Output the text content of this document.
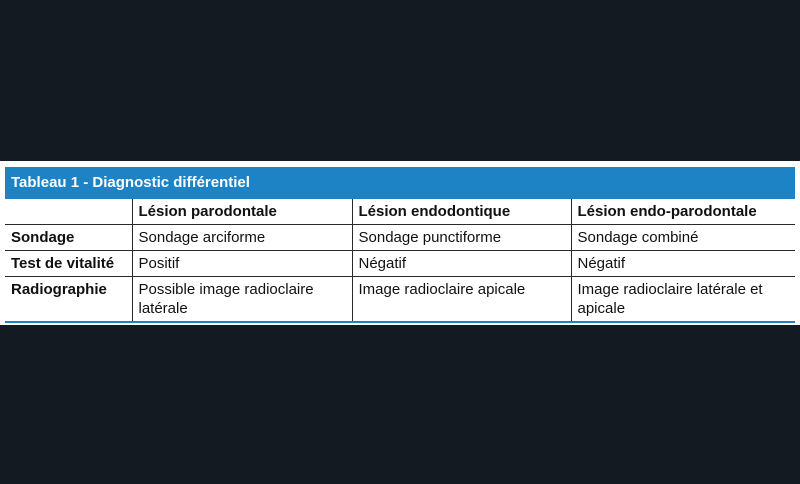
Tableau 1 - Diagnostic différentiel
	Lésion parodontale	Lésion endodontique	Lésion endo-parodontale
Sondage	Sondage arciforme	Sondage punctiforme	Sondage combiné
Test de vitalité	Positif	Négatif	Négatif
Radiographie	Possible image radioclaire latérale	Image radioclaire apicale	Image radioclaire latérale et apicale
